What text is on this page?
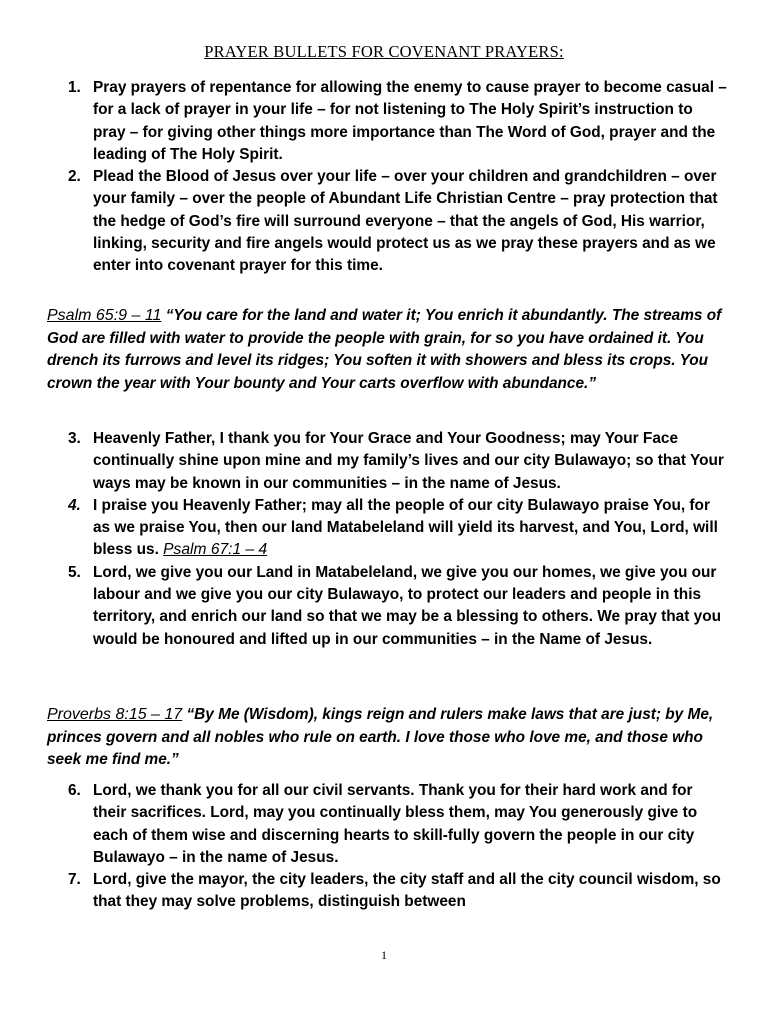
PRAYER BULLETS FOR COVENANT PRAYERS:
1. Pray prayers of repentance for allowing the enemy to cause prayer to become casual – for a lack of prayer in your life – for not listening to The Holy Spirit’s instruction to pray – for giving other things more importance than The Word of God, prayer and the leading of The Holy Spirit.
2. Plead the Blood of Jesus over your life – over your children and grandchildren – over your family – over the people of Abundant Life Christian Centre – pray protection that the hedge of God’s fire will surround everyone – that the angels of God, His warrior, linking, security and fire angels would protect us as we pray these prayers and as we enter into covenant prayer for this time.

Psalm 65:9 – 11 “You care for the land and water it; You enrich it abundantly. The streams of God are filled with water to provide the people with grain, for so you have ordained it. You drench its furrows and level its ridges; You soften it with showers and bless its crops. You crown the year with Your bounty and Your carts overflow with abundance.”

3. Heavenly Father, I thank you for Your Grace and Your Goodness; may Your Face continually shine upon mine and my family’s lives and our city Bulawayo; so that Your ways may be known in our communities – in the name of Jesus.
4. I praise you Heavenly Father; may all the people of our city Bulawayo praise You, for as we praise You, then our land Matabeleland will yield its harvest, and You, Lord, will bless us. Psalm 67:1 – 4
5. Lord, we give you our Land in Matabeleland, we give you our homes, we give you our labour and we give you our city Bulawayo, to protect our leaders and people in this territory, and enrich our land so that we may be a blessing to others. We pray that you would be honoured and lifted up in our communities – in the Name of Jesus.

Proverbs 8:15 – 17 “By Me (Wisdom), kings reign and rulers make laws that are just; by Me, princes govern and all nobles who rule on earth. I love those who love me, and those who seek me find me.”

6. Lord, we thank you for all our civil servants. Thank you for their hard work and for their sacrifices. Lord, may you continually bless them, may You generously give to each of them wise and discerning hearts to skill-fully govern the people in our city Bulawayo – in the name of Jesus.
7. Lord, give the mayor, the city leaders, the city staff and all the city council wisdom, so that they may solve problems, distinguish between
1
